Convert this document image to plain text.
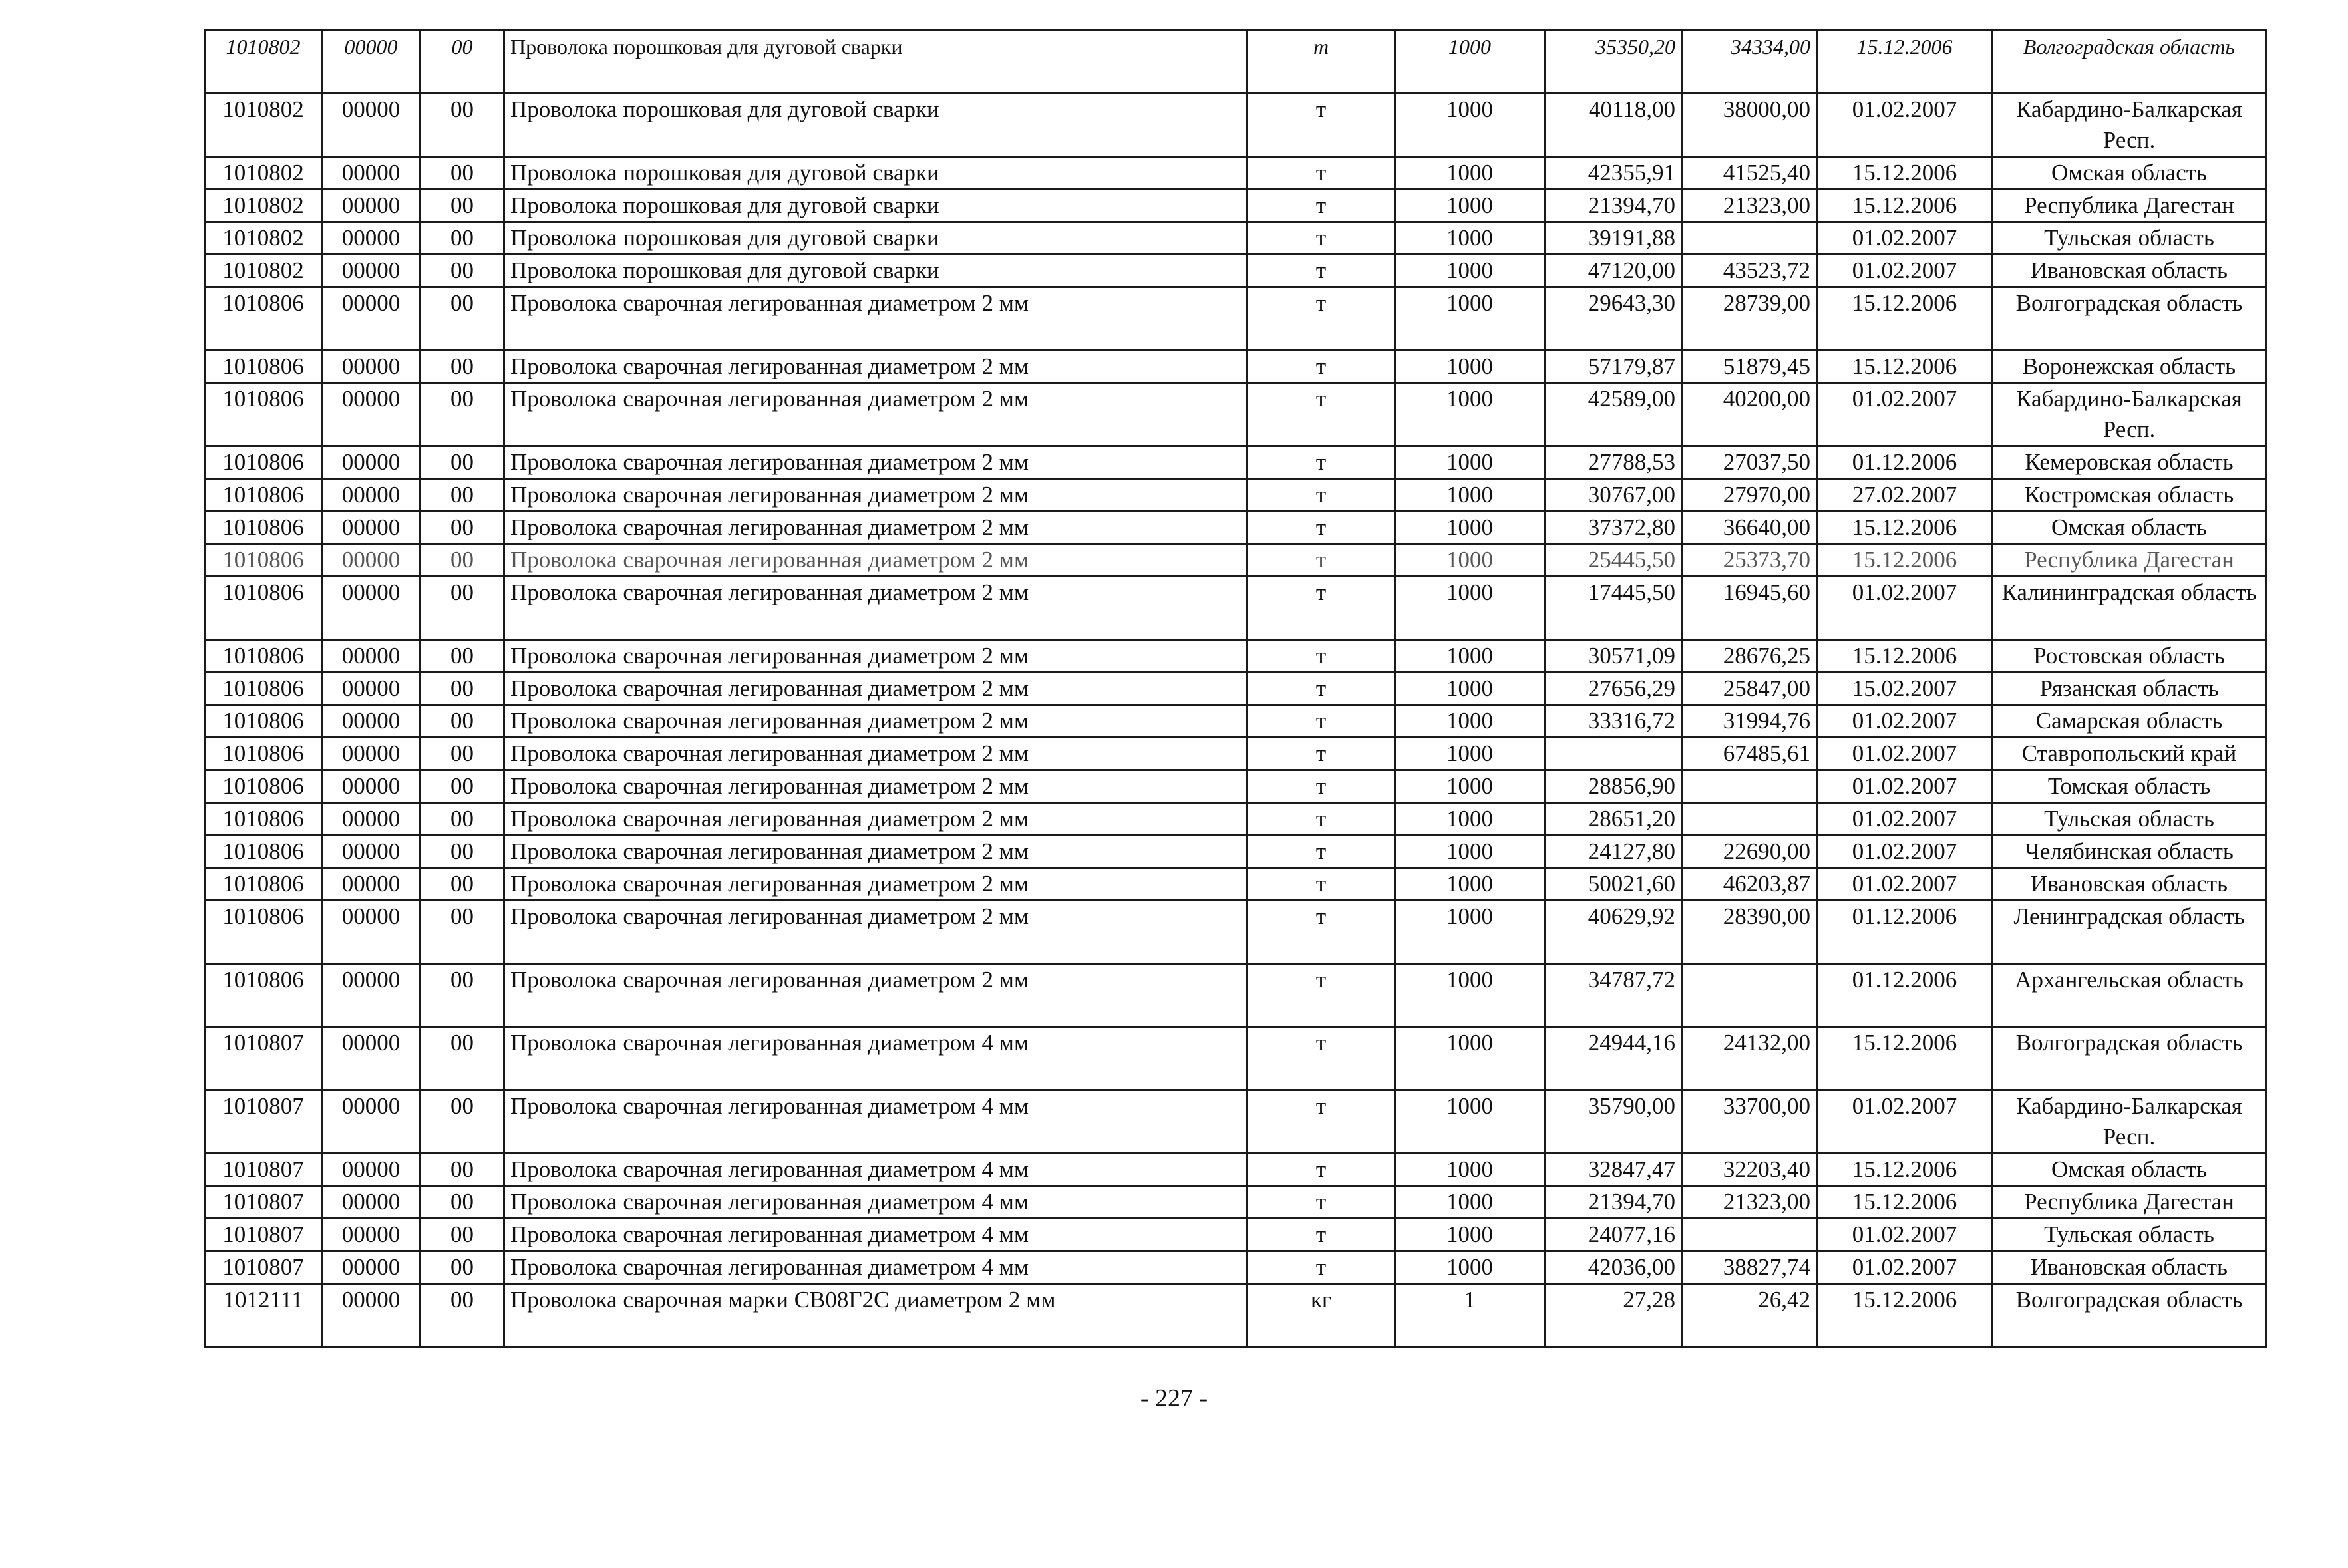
1010802	00000	00	Проволока порошковая для дуговой сварки	т	1000	35350,20	34334,00	15.12.2006	Волгоградская область
1010802	00000	00	Проволока порошковая для дуговой сварки	т	1000	40118,00	38000,00	01.02.2007	Кабардино-Балкарская Респ.
1010802	00000	00	Проволока порошковая для дуговой сварки	т	1000	42355,91	41525,40	15.12.2006	Омская область
1010802	00000	00	Проволока порошковая для дуговой сварки	т	1000	21394,70	21323,00	15.12.2006	Республика Дагестан
1010802	00000	00	Проволока порошковая для дуговой сварки	т	1000	39191,88		01.02.2007	Тульская область
1010802	00000	00	Проволока порошковая для дуговой сварки	т	1000	47120,00	43523,72	01.02.2007	Ивановская область
1010806	00000	00	Проволока сварочная легированная диаметром 2 мм	т	1000	29643,30	28739,00	15.12.2006	Волгоградская область
1010806	00000	00	Проволока сварочная легированная диаметром 2 мм	т	1000	57179,87	51879,45	15.12.2006	Воронежская область
1010806	00000	00	Проволока сварочная легированная диаметром 2 мм	т	1000	42589,00	40200,00	01.02.2007	Кабардино-Балкарская Респ.
1010806	00000	00	Проволока сварочная легированная диаметром 2 мм	т	1000	27788,53	27037,50	01.12.2006	Кемеровская область
1010806	00000	00	Проволока сварочная легированная диаметром 2 мм	т	1000	30767,00	27970,00	27.02.2007	Костромская область
1010806	00000	00	Проволока сварочная легированная диаметром 2 мм	т	1000	37372,80	36640,00	15.12.2006	Омская область
1010806	00000	00	Проволока сварочная легированная диаметром 2 мм	т	1000	25445,50	25373,70	15.12.2006	Республика Дагестан
1010806	00000	00	Проволока сварочная легированная диаметром 2 мм	т	1000	17445,50	16945,60	01.02.2007	Калининградская область
1010806	00000	00	Проволока сварочная легированная диаметром 2 мм	т	1000	30571,09	28676,25	15.12.2006	Ростовская область
1010806	00000	00	Проволока сварочная легированная диаметром 2 мм	т	1000	27656,29	25847,00	15.02.2007	Рязанская область
1010806	00000	00	Проволока сварочная легированная диаметром 2 мм	т	1000	33316,72	31994,76	01.02.2007	Самарская область
1010806	00000	00	Проволока сварочная легированная диаметром 2 мм	т	1000		67485,61	01.02.2007	Ставропольский край
1010806	00000	00	Проволока сварочная легированная диаметром 2 мм	т	1000	28856,90		01.02.2007	Томская область
1010806	00000	00	Проволока сварочная легированная диаметром 2 мм	т	1000	28651,20		01.02.2007	Тульская область
1010806	00000	00	Проволока сварочная легированная диаметром 2 мм	т	1000	24127,80	22690,00	01.02.2007	Челябинская область
1010806	00000	00	Проволока сварочная легированная диаметром 2 мм	т	1000	50021,60	46203,87	01.02.2007	Ивановская область
1010806	00000	00	Проволока сварочная легированная диаметром 2 мм	т	1000	40629,92	28390,00	01.12.2006	Ленинградская область
1010806	00000	00	Проволока сварочная легированная диаметром 2 мм	т	1000	34787,72		01.12.2006	Архангельская область
1010807	00000	00	Проволока сварочная легированная диаметром 4 мм	т	1000	24944,16	24132,00	15.12.2006	Волгоградская область
1010807	00000	00	Проволока сварочная легированная диаметром 4 мм	т	1000	35790,00	33700,00	01.02.2007	Кабардино-Балкарская Респ.
1010807	00000	00	Проволока сварочная легированная диаметром 4 мм	т	1000	32847,47	32203,40	15.12.2006	Омская область
1010807	00000	00	Проволока сварочная легированная диаметром 4 мм	т	1000	21394,70	21323,00	15.12.2006	Республика Дагестан
1010807	00000	00	Проволока сварочная легированная диаметром 4 мм	т	1000	24077,16		01.02.2007	Тульская область
1010807	00000	00	Проволока сварочная легированная диаметром 4 мм	т	1000	42036,00	38827,74	01.02.2007	Ивановская область
1012111	00000	00	Проволока сварочная марки СВ08Г2С диаметром 2 мм	кг	1	27,28	26,42	15.12.2006	Волгоградская область
- 227 -
